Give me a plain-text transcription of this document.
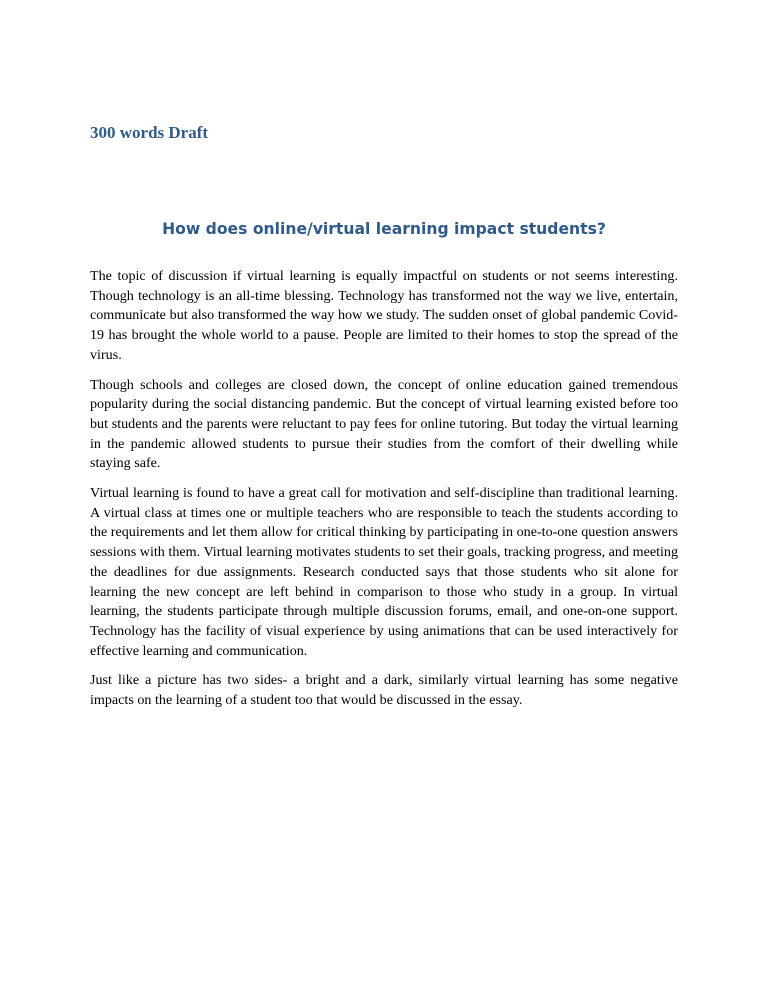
300 words Draft
How does online/virtual learning impact students?

The topic of discussion if virtual learning is equally impactful on students or not seems interesting. Though technology is an all-time blessing. Technology has transformed not the way we live, entertain, communicate but also transformed the way how we study. The sudden onset of global pandemic Covid-19 has brought the whole world to a pause. People are limited to their homes to stop the spread of the virus.

Though schools and colleges are closed down, the concept of online education gained tremendous popularity during the social distancing pandemic. But the concept of virtual learning existed before too but students and the parents were reluctant to pay fees for online tutoring. But today the virtual learning in the pandemic allowed students to pursue their studies from the comfort of their dwelling while staying safe.

Virtual learning is found to have a great call for motivation and self-discipline than traditional learning. A virtual class at times one or multiple teachers who are responsible to teach the students according to the requirements and let them allow for critical thinking by participating in one-to-one question answers sessions with them. Virtual learning motivates students to set their goals, tracking progress, and meeting the deadlines for due assignments. Research conducted says that those students who sit alone for learning the new concept are left behind in comparison to those who study in a group. In virtual learning, the students participate through multiple discussion forums, email, and one-on-one support. Technology has the facility of visual experience by using animations that can be used interactively for effective learning and communication.

Just like a picture has two sides- a bright and a dark, similarly virtual learning has some negative impacts on the learning of a student too that would be discussed in the essay.
